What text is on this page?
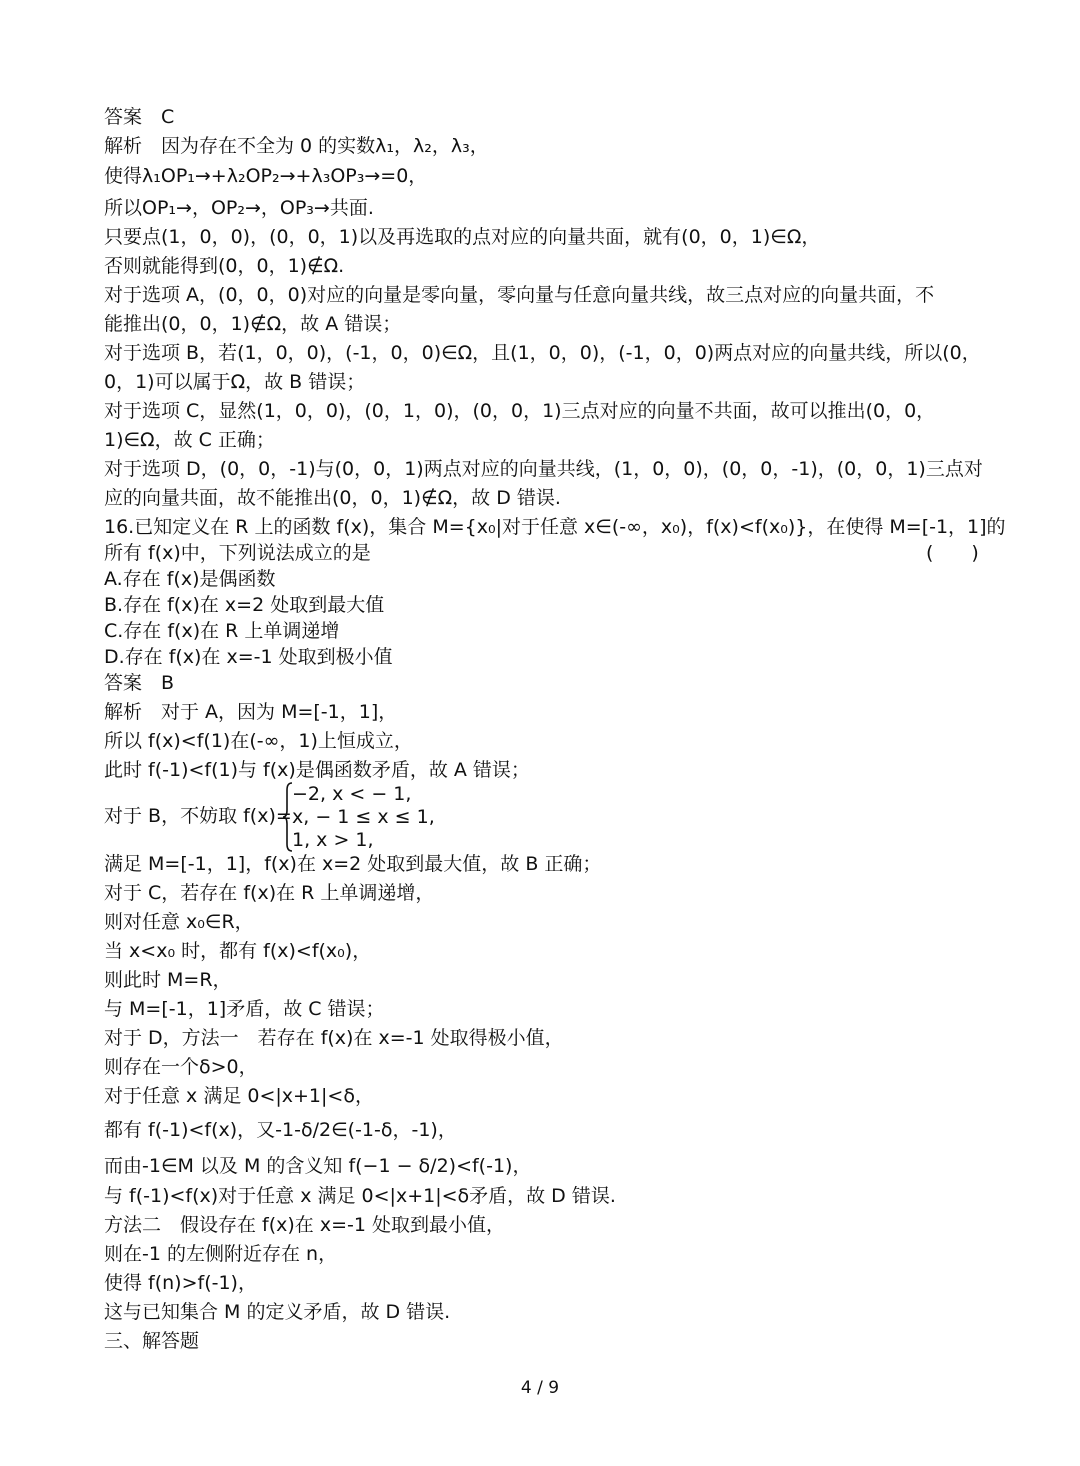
答案　C
解析　因为存在不全为 0 的实数λ₁，λ₂，λ₃，
使得λ₁OP₁→+λ₂OP₂→+λ₃OP₃→=0，
所以OP₁→，OP₂→，OP₃→共面.
只要点(1，0，0)，(0，0，1)以及再选取的点对应的向量共面，就有(0，0，1)∈Ω，
否则就能得到(0，0，1)∉Ω.
对于选项 A，(0，0，0)对应的向量是零向量，零向量与任意向量共线，故三点对应的向量共面，不
能推出(0，0，1)∉Ω，故 A 错误；
对于选项 B，若(1，0，0)，(-1，0，0)∈Ω，且(1，0，0)，(-1，0，0)两点对应的向量共线，所以(0，
0，1)可以属于Ω，故 B 错误；
对于选项 C，显然(1，0，0)，(0，1，0)，(0，0，1)三点对应的向量不共面，故可以推出(0，0，
1)∈Ω，故 C 正确；
对于选项 D，(0，0，-1)与(0，0，1)两点对应的向量共线，(1，0，0)，(0，0，-1)，(0，0，1)三点对
应的向量共面，故不能推出(0，0，1)∉Ω，故 D 错误.
16.已知定义在 R 上的函数 f(x)，集合 M={x₀|对于任意 x∈(-∞，x₀)，f(x)<f(x₀)}，在使得 M=[-1，1]的
所有 f(x)中，下列说法成立的是	(　　)
A.存在 f(x)是偶函数
B.存在 f(x)在 x=2 处取到最大值
C.存在 f(x)在 R 上单调递增
D.存在 f(x)在 x=-1 处取到极小值
答案　B
解析　对于 A，因为 M=[-1，1]，
所以 f(x)<f(1)在(-∞，1)上恒成立，
此时 f(-1)<f(1)与 f(x)是偶函数矛盾，故 A 错误；
对于 B，不妨取 f(x)=
−2, x < − 1,
x, − 1 ≤ x ≤ 1,
1, x > 1,
满足 M=[-1，1]，f(x)在 x=2 处取到最大值，故 B 正确；
对于 C，若存在 f(x)在 R 上单调递增，
则对任意 x₀∈R，
当 x<x₀ 时，都有 f(x)<f(x₀)，
则此时 M=R，
与 M=[-1，1]矛盾，故 C 错误；
对于 D，方法一　若存在 f(x)在 x=-1 处取得极小值，
则存在一个δ>0，
对于任意 x 满足 0<|x+1|<δ，
都有 f(-1)<f(x)，又-1-δ/2∈(-1-δ，-1)，
而由-1∈M 以及 M 的含义知 f(−1 − δ/2)<f(-1)，
与 f(-1)<f(x)对于任意 x 满足 0<|x+1|<δ矛盾，故 D 错误.
方法二　假设存在 f(x)在 x=-1 处取到最小值，
则在-1 的左侧附近存在 n，
使得 f(n)>f(-1)，
这与已知集合 M 的定义矛盾，故 D 错误.
三、解答题
4 / 9
